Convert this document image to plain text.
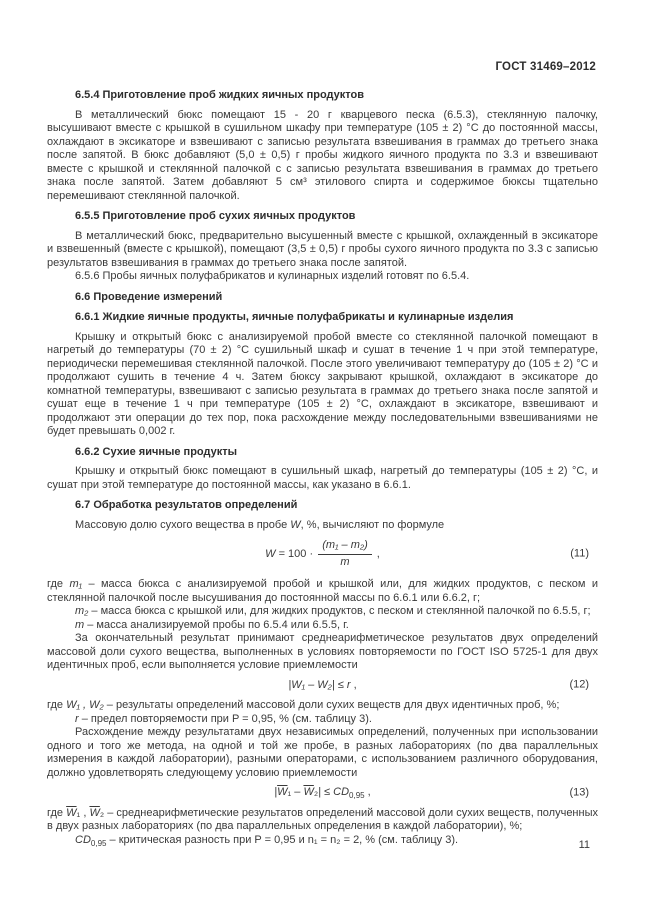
ГОСТ 31469–2012

6.5.4 Приготовление проб жидких яичных продуктов

В металлический бюкс помещают 15 - 20 г кварцевого песка (6.5.3), стеклянную палочку, высушивают вместе с крышкой в сушильном шкафу при температуре (105 ± 2) °С до постоянной массы, охлаждают в эксикаторе и взвешивают с записью результата взвешивания в граммах до третьего знака после запятой. В бюкс добавляют (5,0 ± 0,5) г пробы жидкого яичного продукта по 3.3 и взвешивают вместе с крышкой и стеклянной палочкой с с записью результата взвешивания в граммах до третьего знака после запятой. Затем добавляют 5 см³ этилового спирта и содержимое бюксы тщательно перемешивают стеклянной палочкой.

6.5.5 Приготовление проб сухих яичных продуктов

В металлический бюкс, предварительно высушенный вместе с крышкой, охлажденный в эксикаторе и взвешенный (вместе с крышкой), помещают (3,5 ± 0,5) г пробы сухого яичного продукта по 3.3 с записью результатов взвешивания в граммах до третьего знака после запятой.

6.5.6 Пробы яичных полуфабрикатов и кулинарных изделий готовят по 6.5.4.

6.6 Проведение измерений

6.6.1 Жидкие яичные продукты, яичные полуфабрикаты и кулинарные изделия

Крышку и открытый бюкс с анализируемой пробой вместе со стеклянной палочкой помещают в нагретый до температуры (70 ± 2) °С сушильный шкаф и сушат в течение 1 ч при этой температуре, периодически перемешивая стеклянной палочкой. После этого увеличивают температуру до (105 ± 2) °С и продолжают сушить в течение 4 ч. Затем бюксу закрывают крышкой, охлаждают в эксикаторе до комнатной температуры, взвешивают с записью результата в граммах до третьего знака после запятой и сушат еще в течение 1 ч при температуре (105 ± 2) °С, охлаждают в эксикаторе, взвешивают и продолжают эти операции до тех пор, пока расхождение между последовательными взвешиваниями не будет превышать 0,002 г.

6.6.2 Сухие яичные продукты

Крышку и открытый бюкс помещают в сушильный шкаф, нагретый до температуры (105 ± 2) °С, и сушат при этой температуре до постоянной массы, как указано в 6.6.1.

6.7 Обработка результатов определений

Массовую долю сухого вещества в пробе W, %, вычисляют по формуле

$W = 100 \cdot \frac{\text{(m₁ – m₂)}}{m}$ ,	(11)

где m₁ – масса бюкса с анализируемой пробой и крышкой или, для жидких продуктов, с песком и стеклянной палочкой после высушивания до постоянной массы по 6.6.1 или 6.6.2, г;

m₂ – масса бюкса с крышкой или, для жидких продуктов, с песком и стеклянной палочкой по 6.5.5, г;

m – масса анализируемой пробы по 6.5.4 или 6.5.5, г.

За окончательный результат принимают среднеарифметическое результатов двух определений массовой доли сухого вещества, выполненных в условиях повторяемости по ГОСТ ISO 5725-1 для двух идентичных проб, если выполняется условие приемлемости

|W₁ – W₂| ≤ r ,	(12)

где W₁ , W₂ – результаты определений массовой доли сухих веществ для двух идентичных проб, %;

r – предел повторяемости при P = 0,95, % (см. таблицу 3).

Расхождение между результатами двух независимых определений, полученных при использовании одного и того же метода, на одной и той же пробе, в разных лабораториях (по два параллельных измерения в каждой лаборатории), разными операторами, с использованием различного оборудования, должно удовлетворять следующему условию приемлемости

$|\overline{W}_1 - \overline{W}_2| \le CD_{0,95}$ ,	(13)

где $\overline{W}_1$ , $\overline{W}_2$ – среднеарифметические результатов определений массовой доли сухих веществ, полученных в двух разных лабораториях (по два параллельных определения в каждой лаборатории), %;

$CD_{0,95}$ – критическая разность при P = 0,95 и n₁ = n₂ = 2, % (см. таблицу 3).	11
